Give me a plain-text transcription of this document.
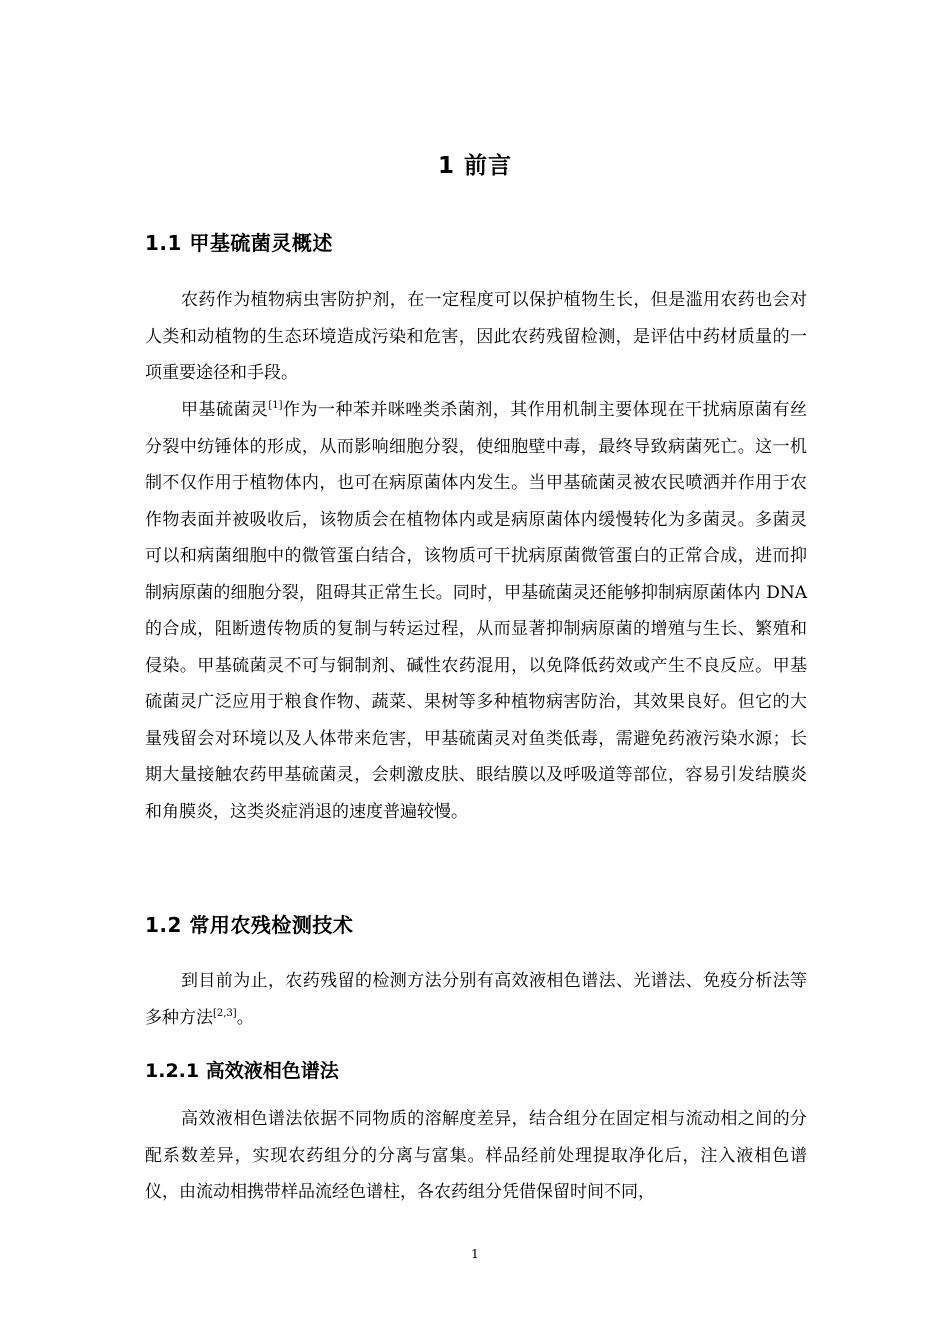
1 前言
1.1 甲基硫菌灵概述

农药作为植物病虫害防护剂，在一定程度可以保护植物生长，但是滥用农药也会对人类和动植物的生态环境造成污染和危害，因此农药残留检测，是评估中药材质量的一项重要途径和手段。

甲基硫菌灵[1]作为一种苯并咪唑类杀菌剂，其作用机制主要体现在干扰病原菌有丝分裂中纺锤体的形成，从而影响细胞分裂，使细胞壁中毒，最终导致病菌死亡。这一机制不仅作用于植物体内，也可在病原菌体内发生。当甲基硫菌灵被农民喷洒并作用于农作物表面并被吸收后，该物质会在植物体内或是病原菌体内缓慢转化为多菌灵。多菌灵可以和病菌细胞中的微管蛋白结合，该物质可干扰病原菌微管蛋白的正常合成，进而抑制病原菌的细胞分裂，阻碍其正常生长。同时，甲基硫菌灵还能够抑制病原菌体内 DNA 的合成，阻断遗传物质的复制与转运过程，从而显著抑制病原菌的增殖与生长、繁殖和侵染。甲基硫菌灵不可与铜制剂、碱性农药混用，以免降低药效或产生不良反应。甲基硫菌灵广泛应用于粮食作物、蔬菜、果树等多种植物病害防治，其效果良好。但它的大量残留会对环境以及人体带来危害，甲基硫菌灵对鱼类低毒，需避免药液污染水源；长期大量接触农药甲基硫菌灵，会刺激皮肤、眼结膜以及呼吸道等部位，容易引发结膜炎和角膜炎，这类炎症消退的速度普遍较慢。

1.2 常用农残检测技术

到目前为止，农药残留的检测方法分别有高效液相色谱法、光谱法、免疫分析法等多种方法[2,3]。

1.2.1 高效液相色谱法

高效液相色谱法依据不同物质的溶解度差异，结合组分在固定相与流动相之间的分配系数差异，实现农药组分的分离与富集。样品经前处理提取净化后，注入液相色谱仪，由流动相携带样品流经色谱柱，各农药组分凭借保留时间不同，

1
